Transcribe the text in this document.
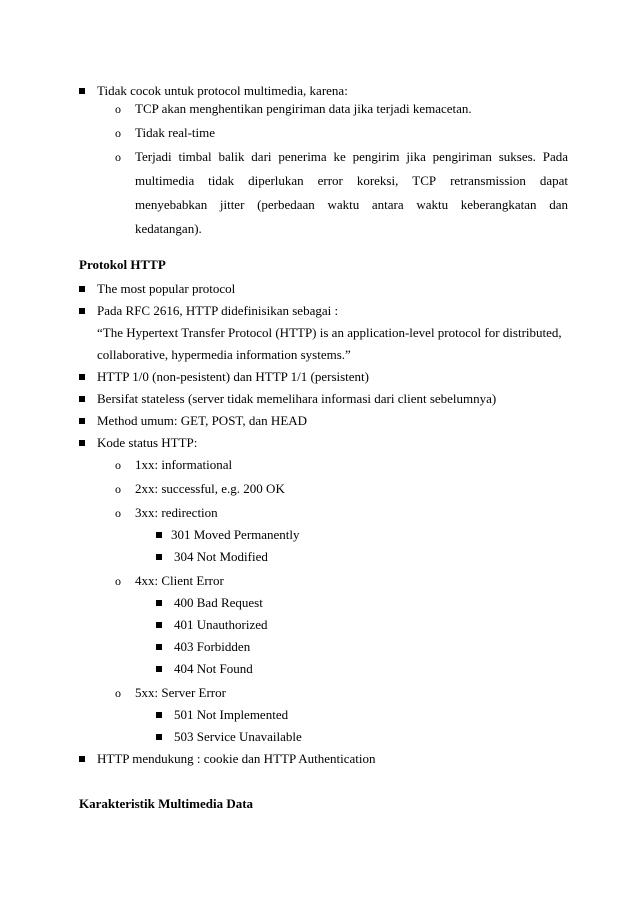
Tidak cocok untuk protocol multimedia, karena:
o TCP akan menghentikan pengiriman data jika terjadi kemacetan.
o Tidak real-time
o Terjadi timbal balik dari penerima ke pengirim jika pengiriman sukses. Pada
multimedia tidak diperlukan error koreksi, TCP retransmission dapat
menyebabkan jitter (perbedaan waktu antara waktu keberangkatan dan
kedatangan).
Protokol HTTP
The most popular protocol
Pada RFC 2616, HTTP didefinisikan sebagai :
“The Hypertext Transfer Protocol (HTTP) is an application-level protocol for distributed,
collaborative, hypermedia information systems.”
HTTP 1/0 (non-pesistent) dan HTTP 1/1 (persistent)
Bersifat stateless (server tidak memelihara informasi dari client sebelumnya)
Method umum: GET, POST, dan HEAD
Kode status HTTP:
o 1xx: informational
o 2xx: successful, e.g. 200 OK
o 3xx: redirection
301 Moved Permanently
304 Not Modified
o 4xx: Client Error
400 Bad Request
401 Unauthorized
403 Forbidden
404 Not Found
o 5xx: Server Error
501 Not Implemented
503 Service Unavailable
HTTP mendukung : cookie dan HTTP Authentication
Karakteristik Multimedia Data
